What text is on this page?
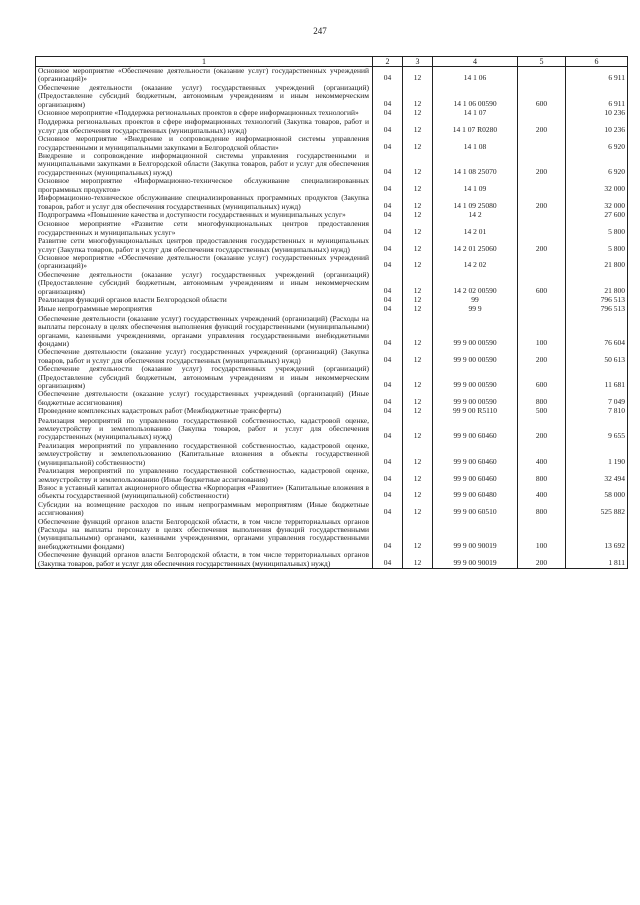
247
1	2	3	4	5	6
Основное мероприятие «Обеспечение деятельности (оказание услуг) государственных учреждений (организаций)»	04	12	14 1 06		6 911
Обеспечение деятельности (оказание услуг) государственных учреждений (организаций) (Предоставление субсидий бюджетным, автономным учреждениям и иным некоммерческим организациям)	04	12	14 1 06 00590	600	6 911
Основное мероприятие «Поддержка региональных проектов в сфере информационных технологий»	04	12	14 1 07		10 236
Поддержка региональных проектов в сфере информационных технологий (Закупка товаров, работ и услуг для обеспечения государственных (муниципальных) нужд)	04	12	14 1 07 R0280	200	10 236
Основное мероприятие «Внедрение и сопровождение информационной системы управления государственными и муниципальными закупками в Белгородской области»	04	12	14 1 08		6 920
Внедрение и сопровождение информационной системы управления государственными и муниципальными закупками в Белгородской области (Закупка товаров, работ и услуг для обеспечения государственных (муниципальных) нужд)	04	12	14 1 08 25070	200	6 920
Основное мероприятие «Информационно-техническое обслуживание специализированных программных продуктов»	04	12	14 1 09		32 000
Информационно-техническое обслуживание специализированных программных продуктов (Закупка товаров, работ и услуг для обеспечения государственных (муниципальных) нужд)	04	12	14 1 09 25080	200	32 000
Подпрограмма «Повышение качества и доступности государственных и муниципальных услуг»	04	12	14 2		27 600
Основное мероприятие «Развитие сети многофункциональных центров предоставления государственных и муниципальных услуг»	04	12	14 2 01		5 800
Развитие сети многофункциональных центров предоставления государственных и муниципальных услуг (Закупка товаров, работ и услуг для обеспечения государственных (муниципальных) нужд)	04	12	14 2 01 25060	200	5 800
Основное мероприятие «Обеспечение деятельности (оказание услуг) государственных учреждений (организаций)»	04	12	14 2 02		21 800
Обеспечение деятельности (оказание услуг) государственных учреждений (организаций) (Предоставление субсидий бюджетным, автономным учреждениям и иным некоммерческим организациям)	04	12	14 2 02 00590	600	21 800
Реализация функций органов власти Белгородской области	04	12	99		796 513
Иные непрограммные мероприятия	04	12	99 9		796 513
Обеспечение деятельности (оказание услуг) государственных учреждений (организаций) (Расходы на выплаты персоналу в целях обеспечения выполнения функций государственными (муниципальными) органами, казенными учреждениями, органами управления государственными внебюджетными фондами)	04	12	99 9 00 00590	100	76 604
Обеспечение деятельности (оказание услуг) государственных учреждений (организаций) (Закупка товаров, работ и услуг для обеспечения государственных (муниципальных) нужд)	04	12	99 9 00 00590	200	50 613
Обеспечение деятельности (оказание услуг) государственных учреждений (организаций) (Предоставление субсидий бюджетным, автономным учреждениям и иным некоммерческим организациям)	04	12	99 9 00 00590	600	11 681
Обеспечение деятельности (оказание услуг) государственных учреждений (организаций) (Иные бюджетные ассигнования)	04	12	99 9 00 00590	800	7 049
Проведение комплексных кадастровых работ (Межбюджетные трансферты)	04	12	99 9 00 R5110	500	7 810
Реализация мероприятий по управлению государственной собственностью, кадастровой оценке, землеустройству и землепользованию (Закупка товаров, работ и услуг для обеспечения государственных (муниципальных) нужд)	04	12	99 9 00 60460	200	9 655
Реализация мероприятий по управлению государственной собственностью, кадастровой оценке, землеустройству и землепользованию (Капитальные вложения в объекты государственной (муниципальной) собственности)	04	12	99 9 00 60460	400	1 190
Реализация мероприятий по управлению государственной собственностью, кадастровой оценке, землеустройству и землепользованию (Иные бюджетные ассигнования)	04	12	99 9 00 60460	800	32 494
Взнос в уставный капитал акционерного общества «Корпорация «Развитие» (Капитальные вложения в объекты государственной (муниципальной) собственности)	04	12	99 9 00 60480	400	58 000
Субсидии на возмещение расходов по иным непрограммным мероприятиям (Иные бюджетные ассигнования)	04	12	99 9 00 60510	800	525 882
Обеспечение функций органов власти Белгородской области, в том числе территориальных органов (Расходы на выплаты персоналу в целях обеспечения выполнения функций государственными (муниципальными) органами, казенными учреждениями, органами управления государственными внебюджетными фондами)	04	12	99 9 00 90019	100	13 692
Обеспечение функций органов власти Белгородской области, в том числе территориальных органов (Закупка товаров, работ и услуг для обеспечения государственных (муниципальных) нужд)	04	12	99 9 00 90019	200	1 811
